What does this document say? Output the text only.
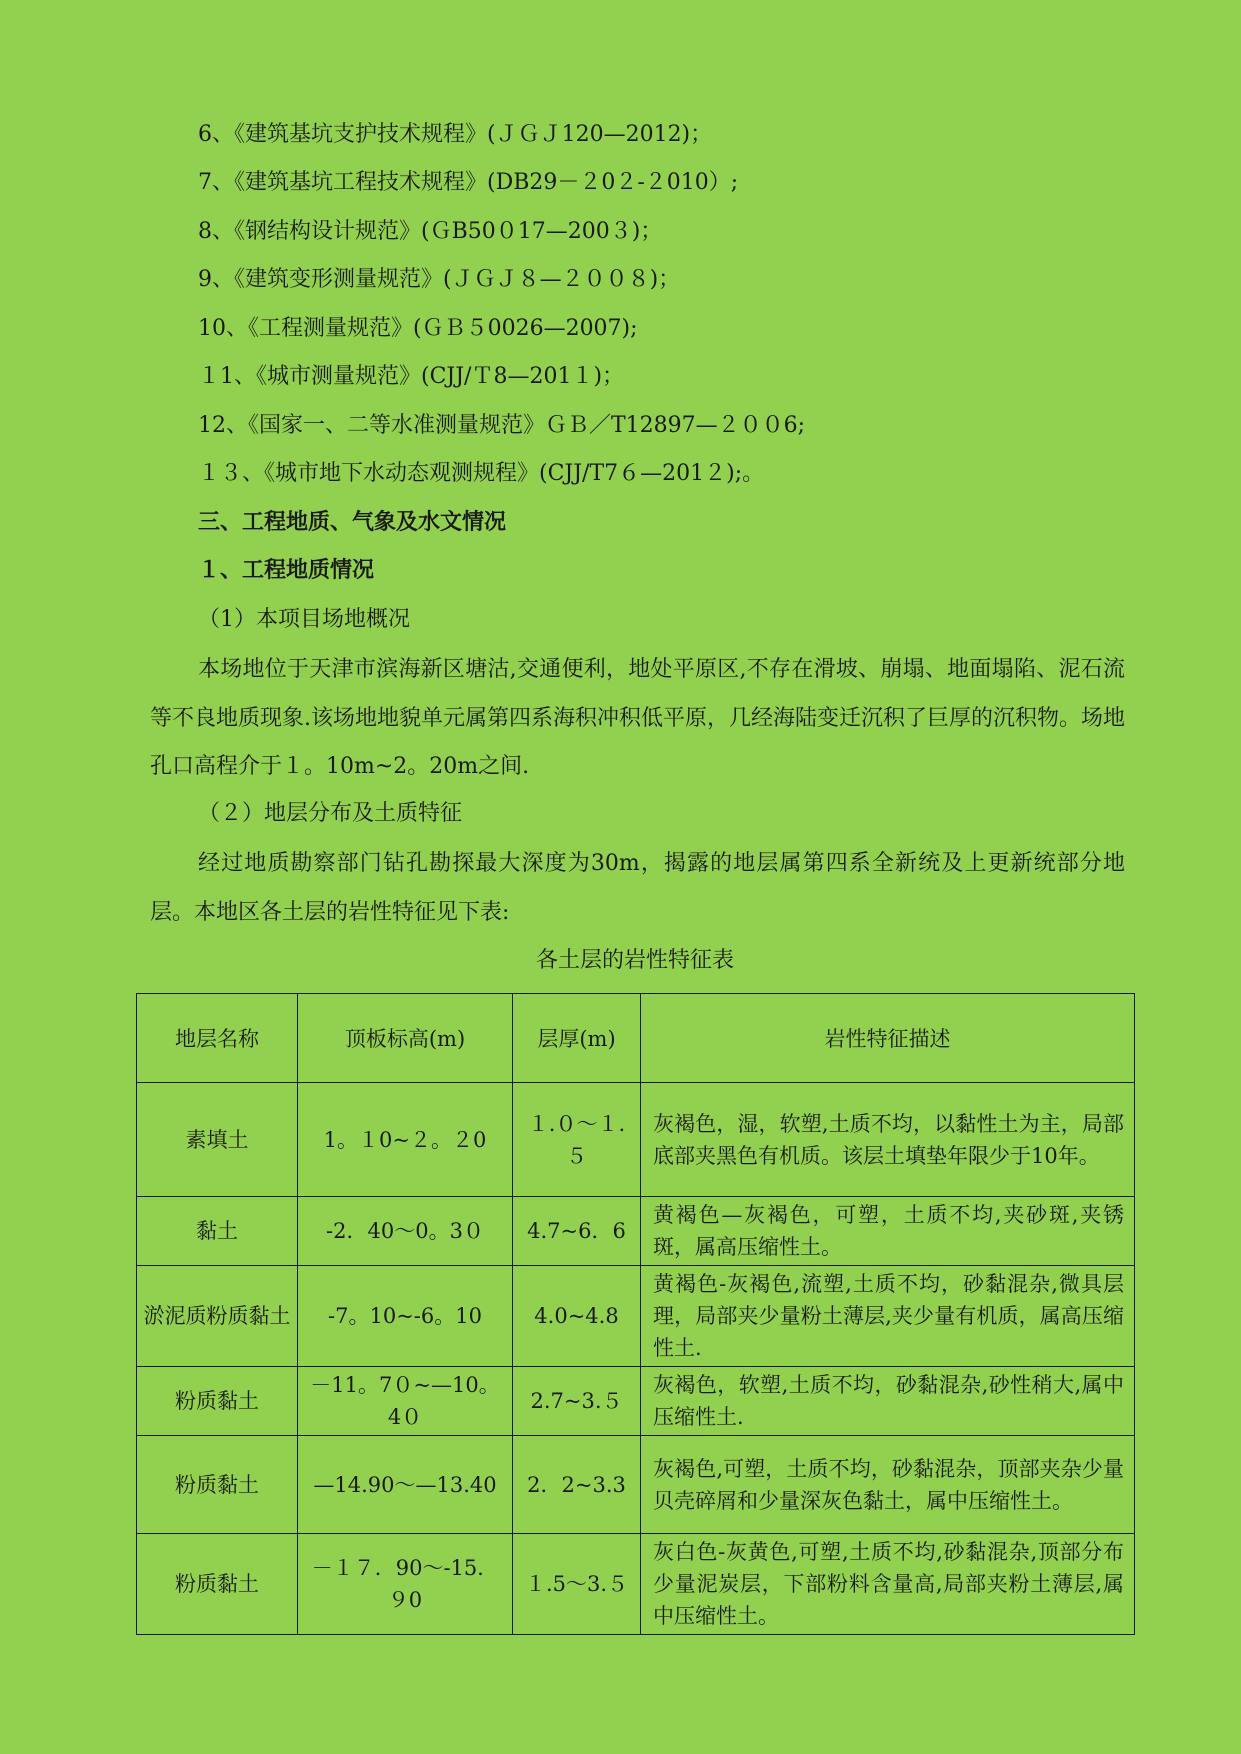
6、《建筑基坑支护技术规程》(ＪＧＪ120—2012)；
7、《建筑基坑工程技术规程》(DB29－２0２-２010）;
8、《钢结构设计规范》(ＧB50０17—200３)；
9、《建筑变形测量规范》(ＪＧＪ８—２００８)；
10、《工程测量规范》(ＧＢ５0026—2007);
１1、《城市测量规范》(CJJ/Ｔ8—201１)；
12、《国家一、二等水准测量规范》ＧＢ／T12897—２００6;
１３、《城市地下水动态观测规程》(CJJ/T7６—201２);。
三、工程地质、气象及水文情况
１、工程地质情况
（1）本项目场地概况
本场地位于天津市滨海新区塘沽,交通便利，地处平原区,不存在滑坡、崩塌、地面塌陷、泥石流等不良地质现象.该场地地貌单元属第四系海积冲积低平原，几经海陆变迁沉积了巨厚的沉积物。场地孔口高程介于１。10m~2。20m之间.
（２）地层分布及土质特征
经过地质勘察部门钻孔勘探最大深度为30m，揭露的地层属第四系全新统及上更新统部分地层。本地区各土层的岩性特征见下表:
各土层的岩性特征表
地层名称	顶板标高(m)	层厚(m)	岩性特征描述
素填土	1。１0~２。２0	１.０～１.５	灰褐色，湿，软塑,土质不均，以黏性土为主，局部底部夹黑色有机质。该层土填垫年限少于10年。
黏土	-2．40～0。3０	4.7~6．6	黄褐色—灰褐色，可塑，土质不均,夹砂斑,夹锈斑，属高压缩性土。
淤泥质粉质黏土	-7。10~-6。10	4.0~4.8	黄褐色-灰褐色,流塑,土质不均，砂黏混杂,微具层理，局部夹少量粉土薄层,夹少量有机质，属高压缩性土.
粉质黏土	－11。7０~—10。4０	2.7~3.５	灰褐色，软塑,土质不均，砂黏混杂,砂性稍大,属中压缩性土.
粉质黏土	—14.90～—13.40	2．2~3.3	灰褐色,可塑，土质不均，砂黏混杂，顶部夹杂少量贝壳碎屑和少量深灰色黏土，属中压缩性土。
粉质黏土	－１７．90～-15．９0	１.5～3.５	灰白色-灰黄色,可塑,土质不均,砂黏混杂,顶部分布少量泥炭层，下部粉料含量高,局部夹粉土薄层,属中压缩性土。
